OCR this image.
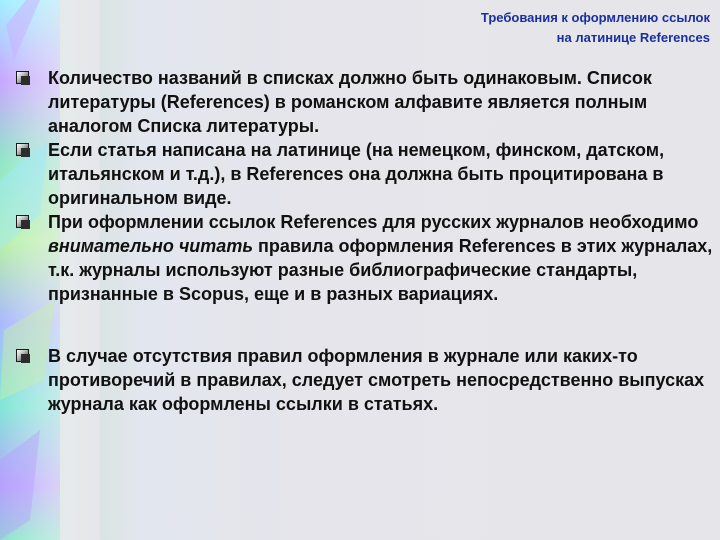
Требования к оформлению ссылок
на латинице References
Количество названий в списках должно быть одинаковым. Список литературы (References) в романском алфавите является полным аналогом Списка литературы.
Если статья написана на латинице (на немецком, финском, датском, итальянском и т.д.), в References она должна быть процитирована в оригинальном виде.
При оформлении ссылок References для русских журналов необходимо внимательно читать правила оформления References в этих журналах, т.к. журналы используют разные библиографические стандарты, признанные в Scopus, еще и в разных вариациях.
В случае отсутствия правил оформления в журнале или каких-то противоречий в правилах, следует смотреть непосредственно выпусках журнала как оформлены ссылки в статьях.
